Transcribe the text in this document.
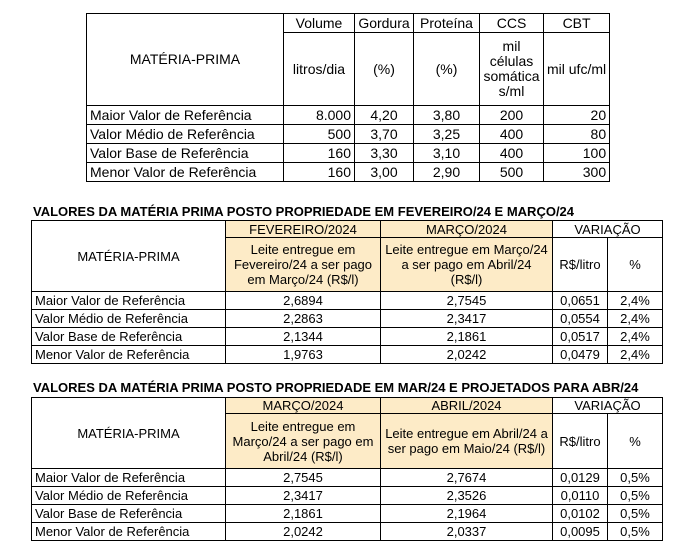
MATÉRIA-PRIMA	Volume	Gordura	Proteína	CCS	CBT
	litros/dia	(%)	(%)	mil células somática s/ml	mil ufc/ml
Maior Valor de Referência	8.000	4,20	3,80	200	20
Valor Médio de Referência	500	3,70	3,25	400	80
Valor Base de Referência	160	3,30	3,10	400	100
Menor Valor de Referência	160	3,00	2,90	500	300
VALORES DA MATÉRIA PRIMA POSTO PROPRIEDADE EM FEVEREIRO/24 E MARÇO/24
MATÉRIA-PRIMA	FEVEREIRO/2024	MARÇO/2024	VARIAÇÃO	
	Leite entregue em Fevereiro/24 a ser pago em Março/24 (R$/l)	Leite entregue em Março/24 a ser pago em Abril/24 (R$/l)	R$/litro	%
Maior Valor de Referência	2,6894	2,7545	0,0651	2,4%
Valor Médio de Referência	2,2863	2,3417	0,0554	2,4%
Valor Base de Referência	2,1344	2,1861	0,0517	2,4%
Menor Valor de Referência	1,9763	2,0242	0,0479	2,4%
VALORES DA MATÉRIA PRIMA POSTO PROPRIEDADE EM MAR/24 E PROJETADOS PARA ABR/24
MATÉRIA-PRIMA	MARÇO/2024	ABRIL/2024	VARIAÇÃO	
	Leite entregue em Março/24 a ser pago em Abril/24 (R$/l)	Leite entregue em Abril/24 a ser pago em Maio/24 (R$/l)	R$/litro	%
Maior Valor de Referência	2,7545	2,7674	0,0129	0,5%
Valor Médio de Referência	2,3417	2,3526	0,0110	0,5%
Valor Base de Referência	2,1861	2,1964	0,0102	0,5%
Menor Valor de Referência	2,0242	2,0337	0,0095	0,5%
